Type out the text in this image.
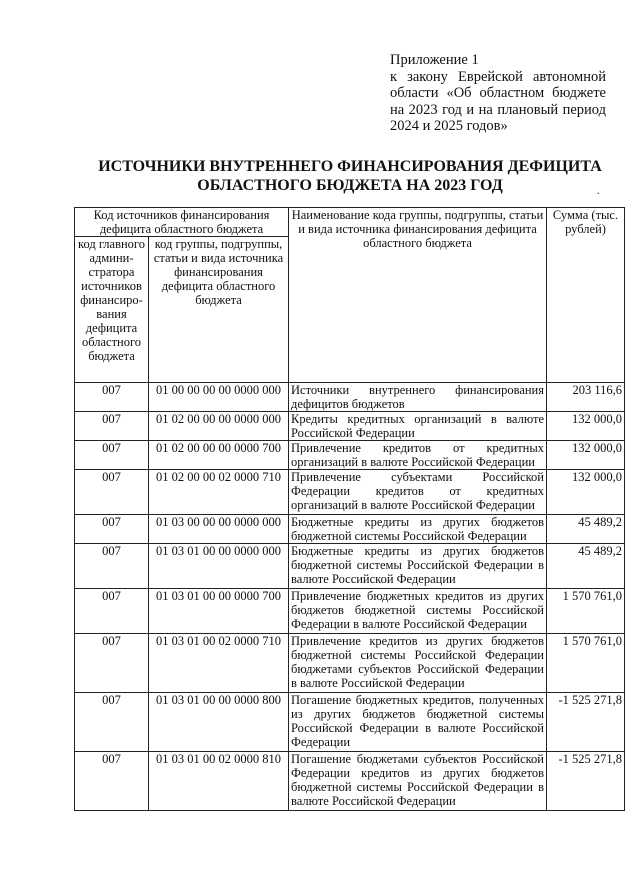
Приложение 1
к закону Еврейской автономной области «Об областном бюджете на 2023 год и на плановый период 2024 и 2025 годов»
ИСТОЧНИКИ ВНУТРЕННЕГО ФИНАНСИРОВАНИЯ ДЕФИЦИТА
ОБЛАСТНОГО БЮДЖЕТА НА 2023 ГОД	.
Код источников финансирования дефицита областного бюджета		Наименование кода группы, подгруппы, статьи и вида источника финансирования дефицита областного бюджета	Сумма (тыс. рублей)
код главного админи-стратора источников финансиро-вания дефицита областного бюджета	код группы, подгруппы, статьи и вида источника финансирования дефицита областного бюджета		
007	01 00 00 00 00 0000 000	Источники внутреннего финансирования дефицитов бюджетов	203 116,6
007	01 02 00 00 00 0000 000	Кредиты кредитных организаций в валюте Российской Федерации	132 000,0
007	01 02 00 00 00 0000 700	Привлечение кредитов от кредитных организаций в валюте Российской Федерации	132 000,0
007	01 02 00 00 02 0000 710	Привлечение субъектами Российской Федерации кредитов от кредитных организаций в валюте Российской Федерации	132 000,0
007	01 03 00 00 00 0000 000	Бюджетные кредиты из других бюджетов бюджетной системы Российской Федерации	45 489,2
007	01 03 01 00 00 0000 000	Бюджетные кредиты из других бюджетов бюджетной системы Российской Федерации в валюте Российской Федерации	45 489,2
007	01 03 01 00 00 0000 700	Привлечение бюджетных кредитов из других бюджетов бюджетной системы Российской Федерации в валюте Российской Федерации	1 570 761,0
007	01 03 01 00 02 0000 710	Привлечение кредитов из других бюджетов бюджетной системы Российской Федерации бюджетами субъектов Российской Федерации в валюте Российской Федерации	1 570 761,0
007	01 03 01 00 00 0000 800	Погашение бюджетных кредитов, полученных из других бюджетов бюджетной системы Российской Федерации в валюте Российской Федерации	-1 525 271,8
007	01 03 01 00 02 0000 810	Погашение бюджетами субъектов Российской Федерации кредитов из других бюджетов бюджетной системы Российской Федерации в валюте Российской Федерации	-1 525 271,8
